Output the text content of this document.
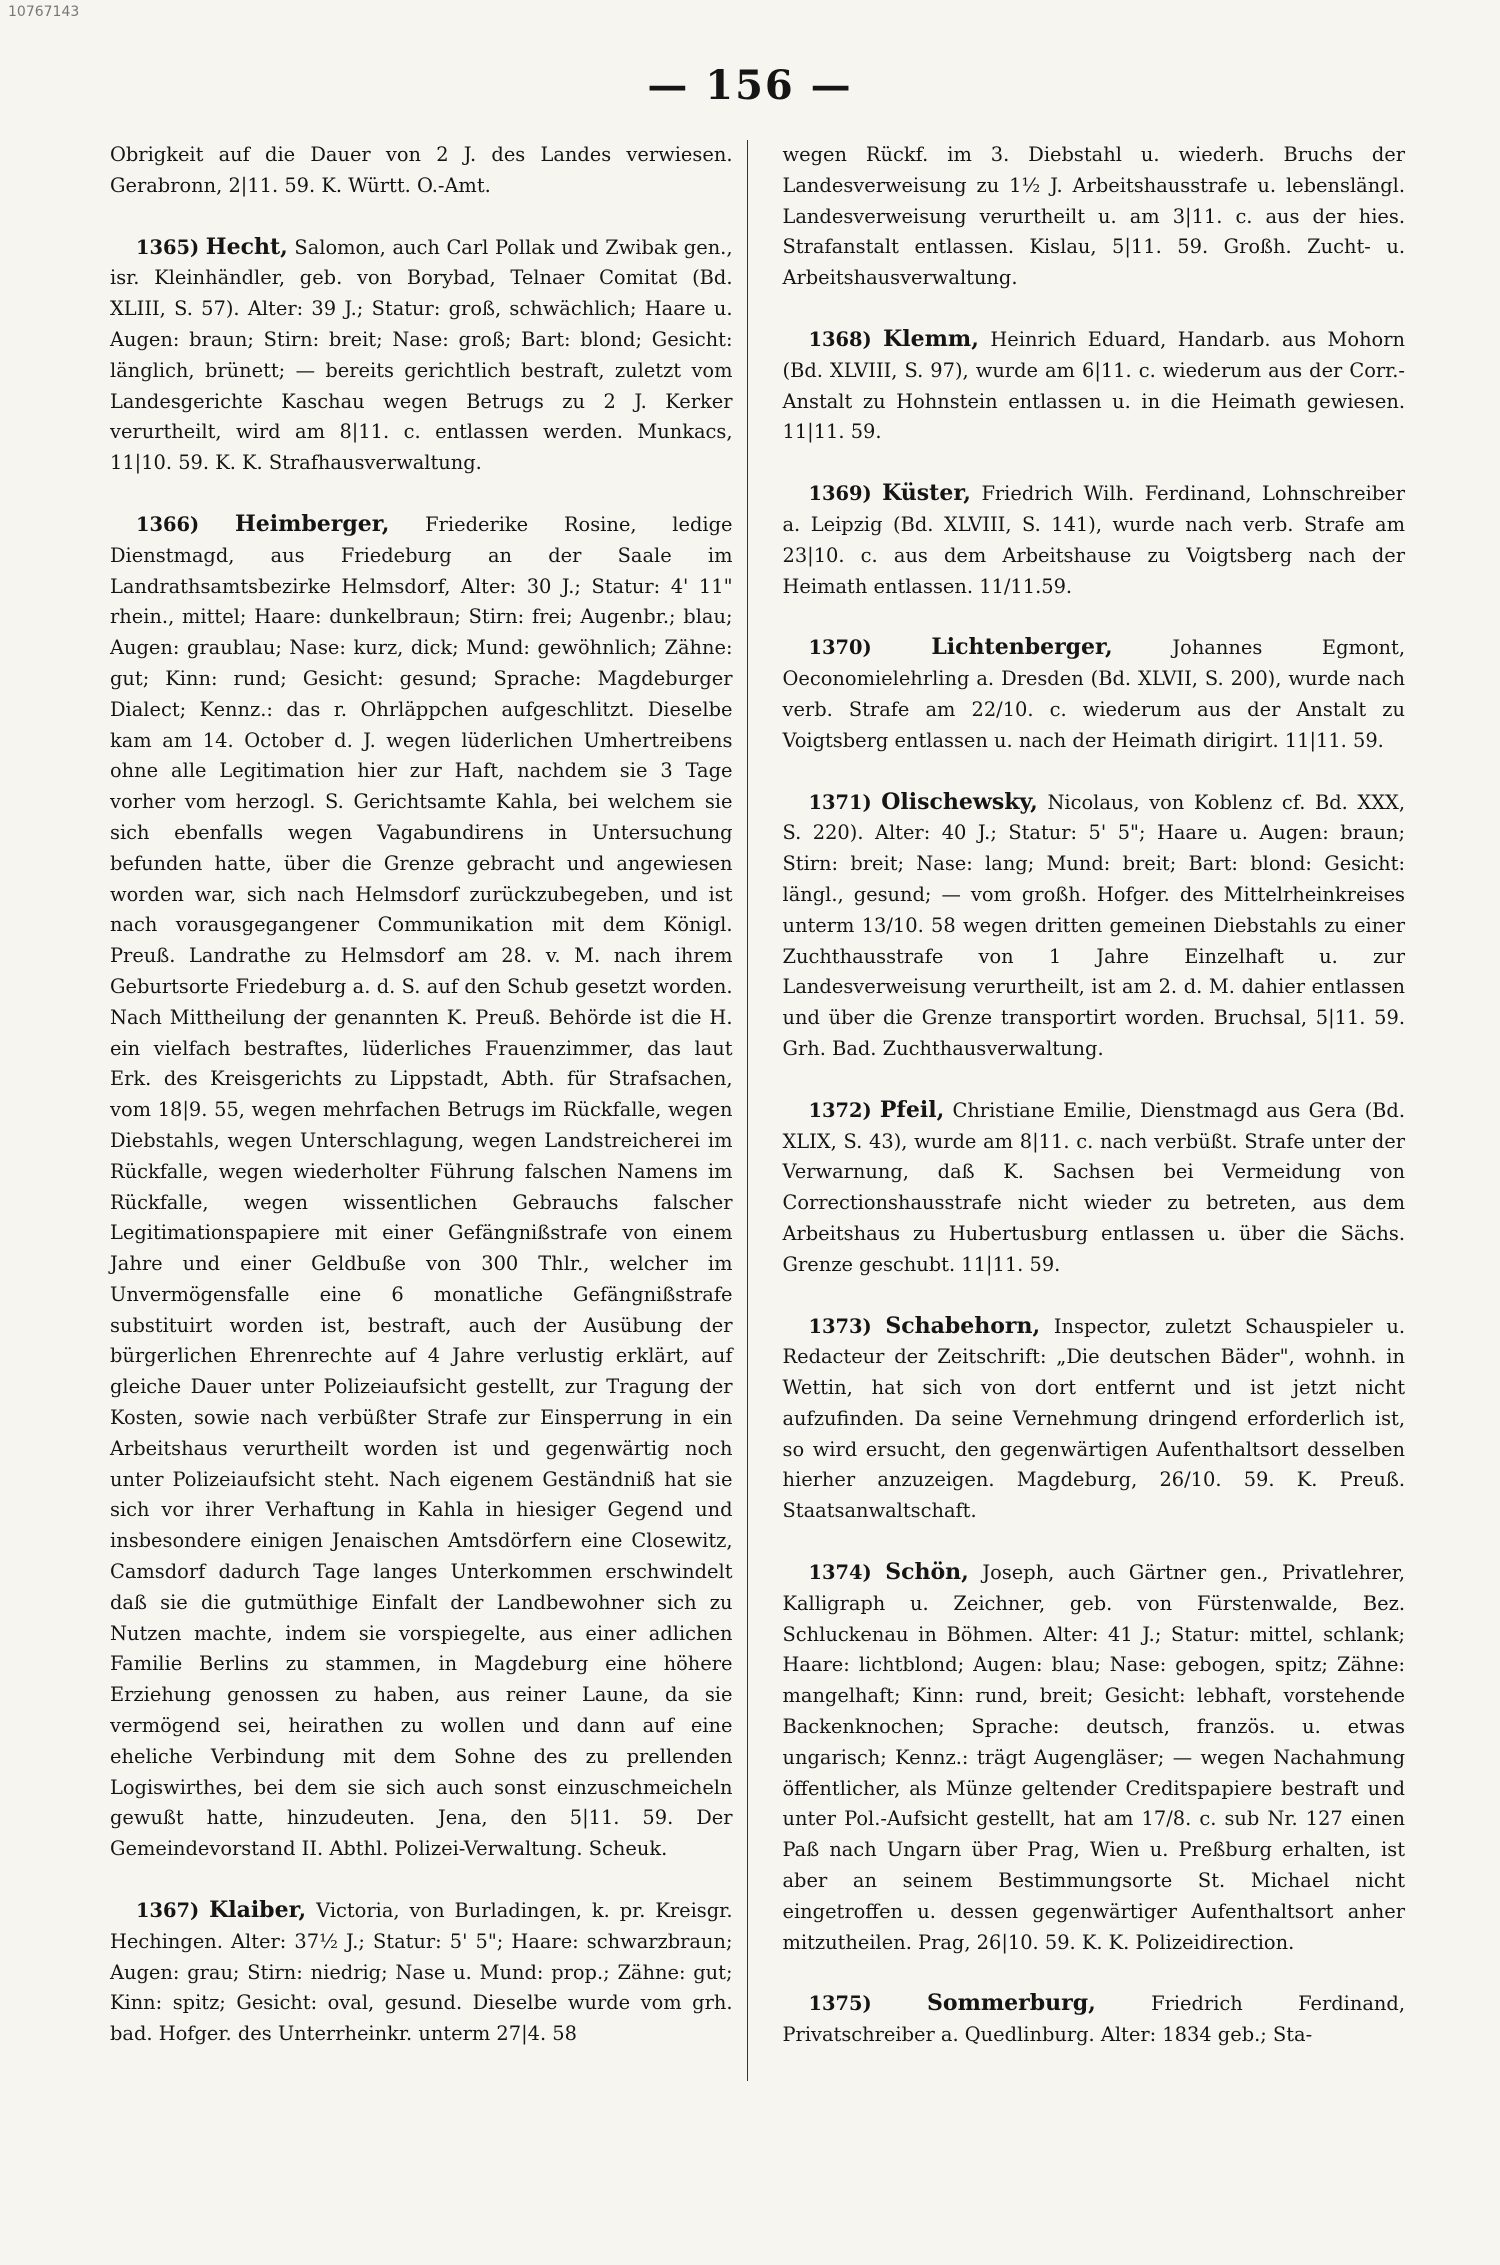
10767143
— 156 —

Obrigkeit auf die Dauer von 2 J. des Landes verwiesen. Gerabronn, 2|11. 59. K. Württ. O.-Amt.

1365) Hecht, Salomon, auch Carl Pollak und Zwibak gen., isr. Kleinhändler, geb. von Borybad, Telnaer Comitat (Bd. XLIII, S. 57). Alter: 39 J.; Statur: groß, schwächlich; Haare u. Augen: braun; Stirn: breit; Nase: groß; Bart: blond; Gesicht: länglich, brünett; — bereits gerichtlich bestraft, zuletzt vom Landesgerichte Kaschau wegen Betrugs zu 2 J. Kerker verurtheilt, wird am 8|11. c. entlassen werden. Munkacs, 11|10. 59. K. K. Strafhausverwaltung.

1366) Heimberger, Friederike Rosine, ledige Dienstmagd, aus Friedeburg an der Saale im Landrathsamtsbezirke Helmsdorf, Alter: 30 J.; Statur: 4' 11" rhein., mittel; Haare: dunkelbraun; Stirn: frei; Augenbr.; blau; Augen: graublau; Nase: kurz, dick; Mund: gewöhnlich; Zähne: gut; Kinn: rund; Gesicht: gesund; Sprache: Magdeburger Dialect; Kennz.: das r. Ohrläppchen aufgeschlitzt. Dieselbe kam am 14. October d. J. wegen lüderlichen Umhertreibens ohne alle Legitimation hier zur Haft, nachdem sie 3 Tage vorher vom herzogl. S. Gerichtsamte Kahla, bei welchem sie sich ebenfalls wegen Vagabundirens in Untersuchung befunden hatte, über die Grenze gebracht und angewiesen worden war, sich nach Helmsdorf zurückzubegeben, und ist nach vorausgegangener Communikation mit dem Königl. Preuß. Landrathe zu Helmsdorf am 28. v. M. nach ihrem Geburtsorte Friedeburg a. d. S. auf den Schub gesetzt worden. Nach Mittheilung der genannten K. Preuß. Behörde ist die H. ein vielfach bestraftes, lüderliches Frauenzimmer, das laut Erk. des Kreisgerichts zu Lippstadt, Abth. für Strafsachen, vom 18|9. 55, wegen mehrfachen Betrugs im Rückfalle, wegen Diebstahls, wegen Unterschlagung, wegen Landstreicherei im Rückfalle, wegen wiederholter Führung falschen Namens im Rückfalle, wegen wissentlichen Gebrauchs falscher Legitimationspapiere mit einer Gefängnißstrafe von einem Jahre und einer Geldbuße von 300 Thlr., welcher im Unvermögensfalle eine 6 monatliche Gefängnißstrafe substituirt worden ist, bestraft, auch der Ausübung der bürgerlichen Ehrenrechte auf 4 Jahre verlustig erklärt, auf gleiche Dauer unter Polizeiaufsicht gestellt, zur Tragung der Kosten, sowie nach verbüßter Strafe zur Einsperrung in ein Arbeitshaus verurtheilt worden ist und gegenwärtig noch unter Polizeiaufsicht steht. Nach eigenem Geständniß hat sie sich vor ihrer Verhaftung in Kahla in hiesiger Gegend und insbesondere einigen Jenaischen Amtsdörfern eine Closewitz, Camsdorf dadurch Tage langes Unterkommen erschwindelt daß sie die gutmüthige Einfalt der Landbewohner sich zu Nutzen machte, indem sie vorspiegelte, aus einer adlichen Familie Berlins zu stammen, in Magdeburg eine höhere Erziehung genossen zu haben, aus reiner Laune, da sie vermögend sei, heirathen zu wollen und dann auf eine eheliche Verbindung mit dem Sohne des zu prellenden Logiswirthes, bei dem sie sich auch sonst einzuschmeicheln gewußt hatte, hinzudeuten. Jena, den 5|11. 59. Der Gemeindevorstand II. Abthl. Polizei-Verwaltung. Scheuk.

1367) Klaiber, Victoria, von Burladingen, k. pr. Kreisgr. Hechingen. Alter: 37½ J.; Statur: 5' 5"; Haare: schwarzbraun; Augen: grau; Stirn: niedrig; Nase u. Mund: prop.; Zähne: gut; Kinn: spitz; Gesicht: oval, gesund. Dieselbe wurde vom grh. bad. Hofger. des Unterrheinkr. unterm 27|4. 58

wegen Rückf. im 3. Diebstahl u. wiederh. Bruchs der Landesverweisung zu 1½ J. Arbeitshausstrafe u. lebenslängl. Landesverweisung verurtheilt u. am 3|11. c. aus der hies. Strafanstalt entlassen. Kislau, 5|11. 59. Großh. Zucht- u. Arbeitshausverwaltung.

1368) Klemm, Heinrich Eduard, Handarb. aus Mohorn (Bd. XLVIII, S. 97), wurde am 6|11. c. wiederum aus der Corr.-Anstalt zu Hohnstein entlassen u. in die Heimath gewiesen. 11|11. 59.

1369) Küster, Friedrich Wilh. Ferdinand, Lohnschreiber a. Leipzig (Bd. XLVIII, S. 141), wurde nach verb. Strafe am 23|10. c. aus dem Arbeitshause zu Voigtsberg nach der Heimath entlassen. 11/11.59.

1370)	Lichtenberger,	Johannes Egmont, Oeconomielehrling a. Dresden (Bd. XLVII, S. 200), wurde nach verb. Strafe am 22/10. c. wiederum aus der Anstalt zu Voigtsberg entlassen u. nach der Heimath dirigirt. 11|11. 59.

1371) Olischewsky, Nicolaus, von Koblenz cf. Bd. XXX, S. 220). Alter: 40 J.; Statur: 5' 5"; Haare u. Augen: braun; Stirn: breit; Nase: lang; Mund: breit; Bart: blond: Gesicht: längl., gesund; — vom großh. Hofger. des Mittelrheinkreises unterm 13/10. 58 wegen dritten gemeinen Diebstahls zu einer Zuchthausstrafe von 1 Jahre Einzelhaft u. zur Landesverweisung verurtheilt, ist am 2. d. M. dahier entlassen und über die Grenze transportirt worden. Bruchsal, 5|11. 59. Grh. Bad. Zuchthausverwaltung.

1372) Pfeil, Christiane Emilie, Dienstmagd aus Gera (Bd. XLIX, S. 43), wurde am 8|11. c. nach verbüßt. Strafe unter der Verwarnung, daß K. Sachsen bei Vermeidung von Correctionshausstrafe nicht wieder zu betreten, aus dem Arbeitshaus zu Hubertusburg entlassen u. über die Sächs. Grenze geschubt. 11|11. 59.

1373) Schabehorn, Inspector, zuletzt Schauspieler u. Redacteur der Zeitschrift: „Die deutschen Bäder", wohnh. in Wettin, hat sich von dort entfernt und ist jetzt nicht aufzufinden. Da seine Vernehmung dringend erforderlich ist, so wird ersucht, den gegenwärtigen Aufenthaltsort desselben hierher anzuzeigen. Magdeburg, 26/10. 59. K. Preuß. Staatsanwaltschaft.

1374) Schön, Joseph, auch Gärtner gen., Privatlehrer, Kalligraph u. Zeichner, geb. von Fürstenwalde, Bez. Schluckenau in Böhmen. Alter: 41 J.; Statur: mittel, schlank; Haare: lichtblond; Augen: blau; Nase: gebogen, spitz; Zähne: mangelhaft; Kinn: rund, breit; Gesicht: lebhaft, vorstehende Backenknochen; Sprache: deutsch, französ. u. etwas ungarisch; Kennz.: trägt Augengläser; — wegen Nachahmung öffentlicher, als Münze geltender Creditspapiere bestraft und unter Pol.-Aufsicht gestellt, hat am 17/8. c. sub Nr. 127 einen Paß nach Ungarn über Prag, Wien u. Preßburg erhalten, ist aber an seinem Bestimmungsorte St. Michael nicht eingetroffen u. dessen gegenwärtiger Aufenthaltsort anher mitzutheilen. Prag, 26|10. 59. K. K. Polizeidirection.

1375)	Sommerburg,	Friedrich Ferdinand, Privatschreiber a. Quedlinburg. Alter: 1834 geb.; Sta-
